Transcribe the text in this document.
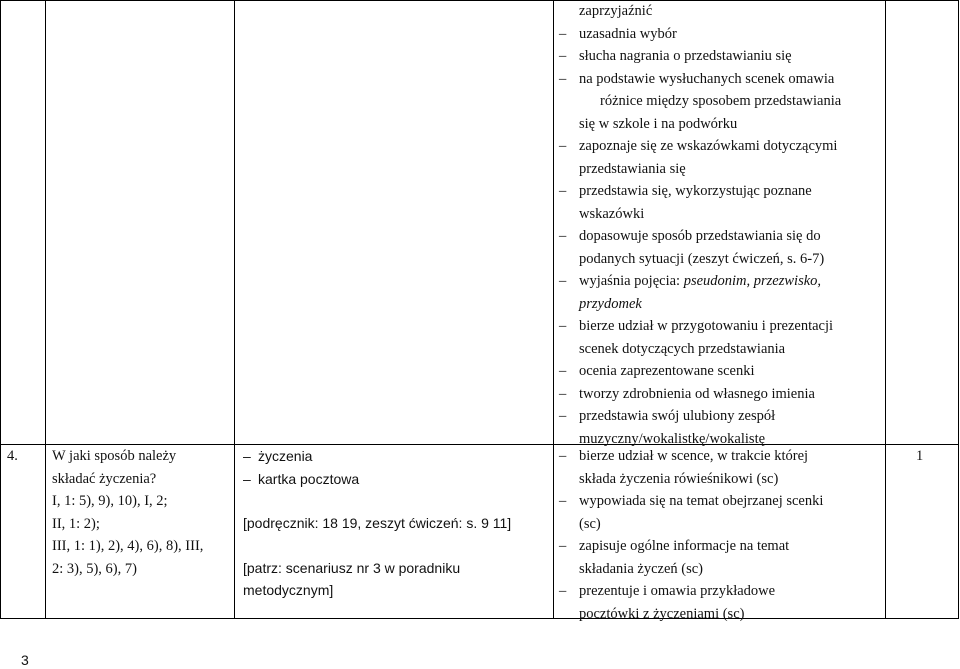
zaprzyjaźnić
– uzasadnia wybór
– słucha nagrania o przedstawianiu się
– na podstawie wysłuchanych scenek omawia
różnice między sposobem przedstawiania
się w szkole i na podwórku
– zapoznaje się ze wskazówkami dotyczącymi
przedstawiania się
– przedstawia się, wykorzystując poznane
wskazówki
– dopasowuje sposób przedstawiania się do
podanych sytuacji (zeszyt ćwiczeń, s. 6-7)
– wyjaśnia pojęcia: pseudonim, przezwisko,
przydomek
– bierze udział w przygotowaniu i prezentacji
scenek dotyczących przedstawiania
– ocenia zaprezentowane scenki
– tworzy zdrobnienia od własnego imienia
– przedstawia swój ulubiony zespół
muzyczny/wokalistkę/wokalistę
4. W jaki sposób należy
składać życzenia?
I, 1: 5), 9), 10), I, 2;
II, 1: 2);
III, 1: 1), 2), 4), 6), 8), III,
2: 3), 5), 6), 7)
– życzenia
– kartka pocztowa
[podręcznik: 18 19, zeszyt ćwiczeń: s. 9 11]
[patrz: scenariusz nr 3 w poradniku
metodycznym]
– bierze udział w scence, w trakcie której
składa życzenia rówieśnikowi (sc)
– wypowiada się na temat obejrzanej scenki
(sc)
– zapisuje ogólne informacje na temat
składania życzeń (sc)
– prezentuje i omawia przykładowe
pocztówki z życzeniami (sc)
1
3
